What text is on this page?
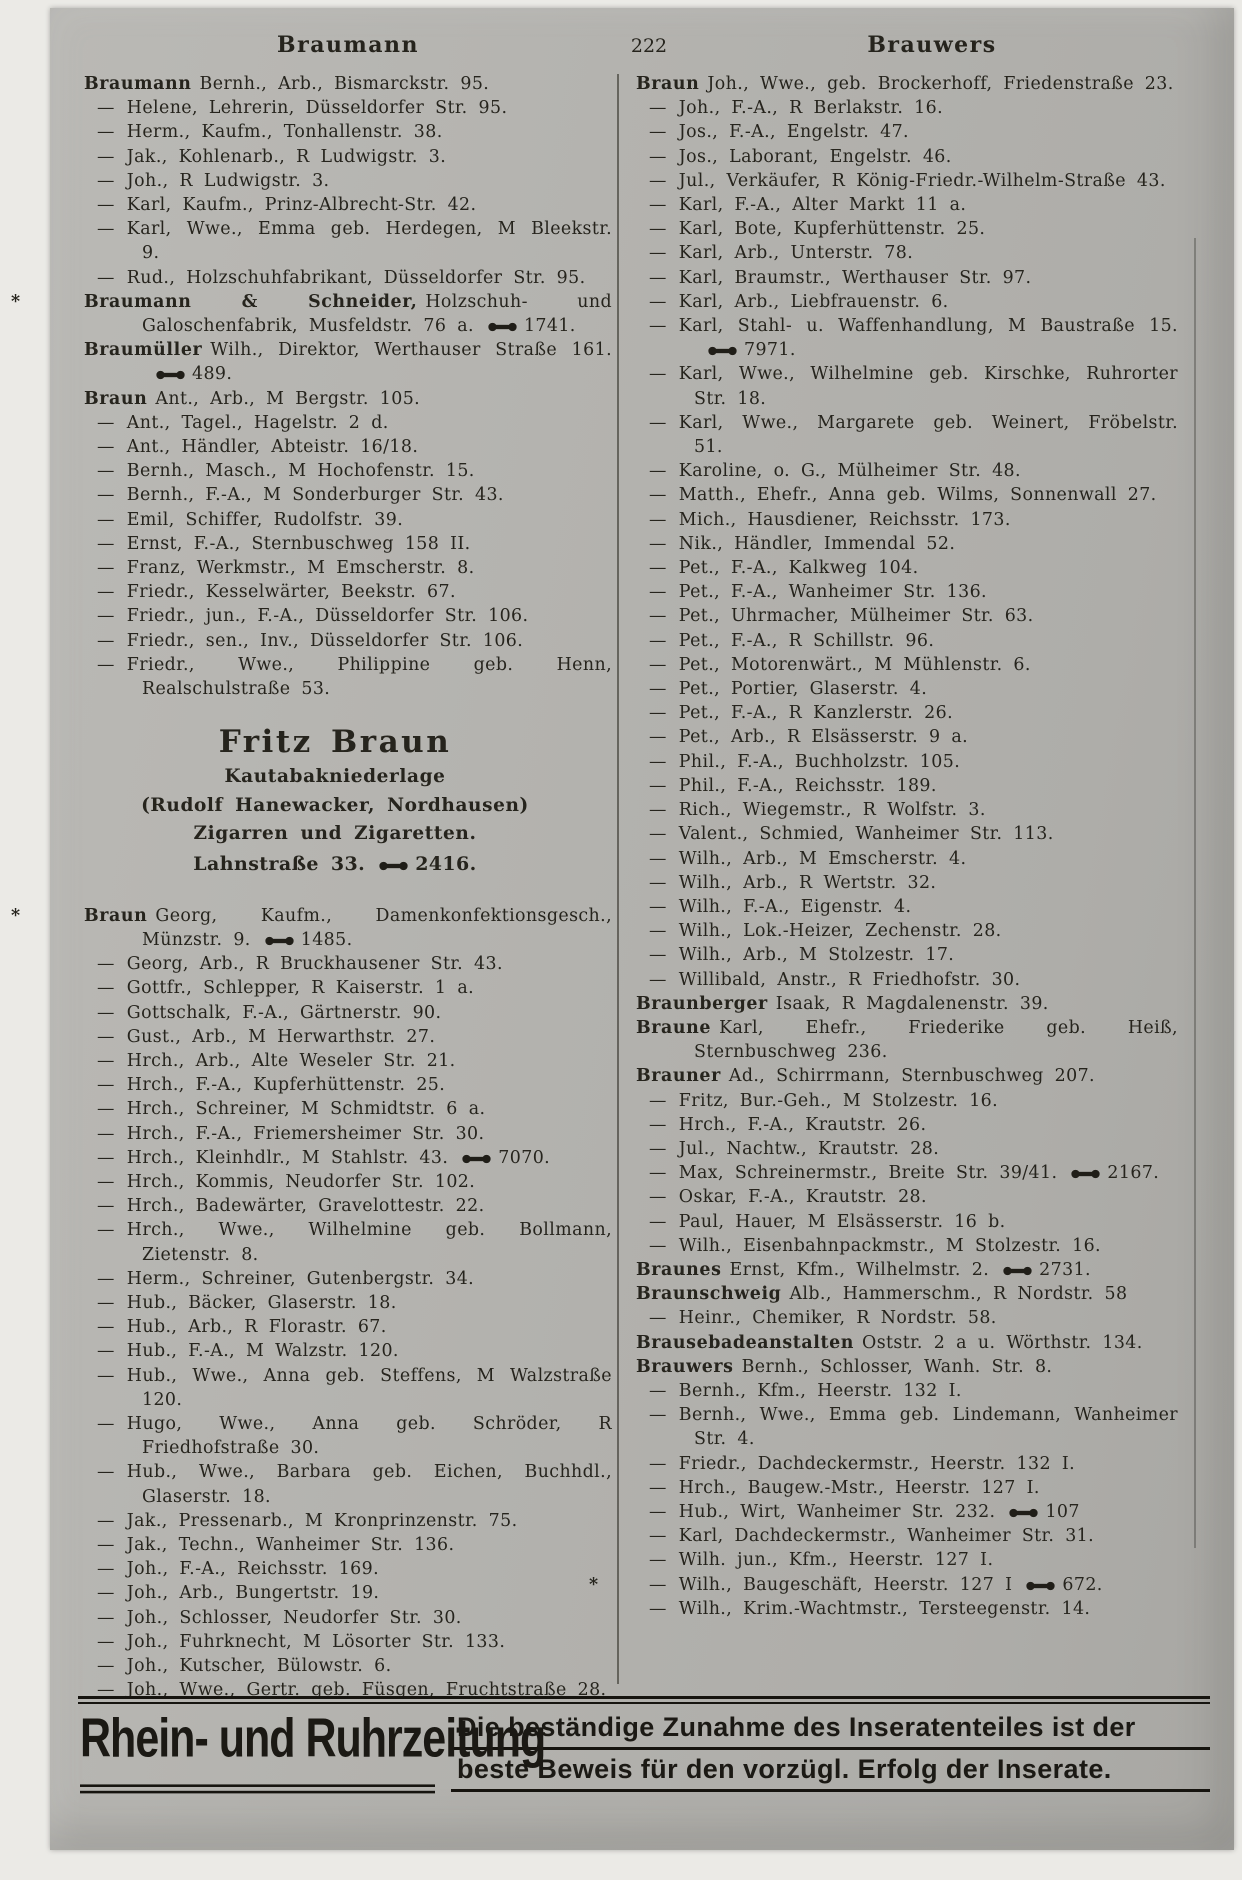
Braumann	222	Brauwers
Braumann Bernh., Arb., Bismarckstr. 95.
— Helene, Lehrerin, Düsseldorfer Str. 95.
— Herm., Kaufm., Tonhallenstr. 38.
— Jak., Kohlenarb., R Ludwigstr. 3.
— Joh., R Ludwigstr. 3.
— Karl, Kaufm., Prinz-Albrecht-Str. 42.
— Karl, Wwe., Emma geb. Herdegen, M Bleekstr. 9.
— Rud., Holzschuhfabrikant, Düsseldorfer Str. 95.
*	Braumann & Schneider, Holzschuh- und Galoschenfabrik, Musfeldstr. 76 a.	1741.
Braumüller Wilh., Direktor, Werthauser Straße 161.489.
Braun Ant., Arb., M Bergstr. 105.
— Ant., Tagel., Hagelstr. 2 d.
— Ant., Händler, Abteistr. 16/18.
— Bernh., Masch., M Hochofenstr. 15.
— Bernh., F.-A., M Sonderburger Str. 43.
— Emil, Schiffer, Rudolfstr. 39.
— Ernst, F.-A., Sternbuschweg 158 II.
— Franz, Werkmstr., M Emscherstr. 8.
— Friedr., Kesselwärter, Beekstr. 67.
— Friedr., jun., F.-A., Düsseldorfer Str. 106.
— Friedr., sen., Inv., Düsseldorfer Str. 106.
— Friedr., Wwe., Philippine geb. Henn, Realschulstraße 53.
Fritz Braun
Kautabakniederlage
(Rudolf Hanewacker, Nordhausen)
Zigarren und Zigaretten.
Lahnstraße 33.	2416.
*	Braun Georg, Kaufm., Damenkonfektionsgesch., Münzstr. 9.	1485.
— Georg, Arb., R Bruckhausener Str. 43.
— Gottfr., Schlepper, R Kaiserstr. 1 a.
— Gottschalk, F.-A., Gärtnerstr. 90.
— Gust., Arb., M Herwarthstr. 27.
— Hrch., Arb., Alte Weseler Str. 21.
— Hrch., F.-A., Kupferhüttenstr. 25.
— Hrch., Schreiner, M Schmidtstr. 6 a.
— Hrch., F.-A., Friemersheimer Str. 30.
— Hrch., Kleinhdlr., M Stahlstr. 43.	7070.
— Hrch., Kommis, Neudorfer Str. 102.
— Hrch., Badewärter, Gravelottestr. 22.
— Hrch., Wwe., Wilhelmine geb. Bollmann, Zietenstr. 8.
— Herm., Schreiner, Gutenbergstr. 34.
— Hub., Bäcker, Glaserstr. 18.
— Hub., Arb., R Florastr. 67.
— Hub., F.-A., M Walzstr. 120.
— Hub., Wwe., Anna geb. Steffens, M Walzstraße 120.
— Hugo, Wwe., Anna geb. Schröder, R Friedhofstraße 30.
— Hub., Wwe., Barbara geb. Eichen, Buchhdl., Glaserstr. 18.
— Jak., Pressenarb., M Kronprinzenstr. 75.
— Jak., Techn., Wanheimer Str. 136.
— Joh., F.-A., Reichsstr. 169.
— Joh., Arb., Bungertstr. 19.
— Joh., Schlosser, Neudorfer Str. 30.
— Joh., Fuhrknecht, M Lösorter Str. 133.
— Joh., Kutscher, Bülowstr. 6.
— Joh., Wwe., Gertr. geb. Füsgen, Fruchtstraße 28.
Braun Joh., Wwe., geb. Brockerhoff, Friedenstraße 23.
— Joh., F.-A., R Berlakstr. 16.
— Jos., F.-A., Engelstr. 47.
— Jos., Laborant, Engelstr. 46.
— Jul., Verkäufer, R König-Friedr.-Wilhelm-Straße 43.
— Karl, F.-A., Alter Markt 11 a.
— Karl, Bote, Kupferhüttenstr. 25.
— Karl, Arb., Unterstr. 78.
— Karl, Braumstr., Werthauser Str. 97.
— Karl, Arb., Liebfrauenstr. 6.
— Karl, Stahl- u. Waffenhandlung, M Baustraße 15.7971.
— Karl, Wwe., Wilhelmine geb. Kirschke, Ruhrorter Str. 18.
— Karl, Wwe., Margarete geb. Weinert, Fröbelstr. 51.
— Karoline, o. G., Mülheimer Str. 48.
— Matth., Ehefr., Anna geb. Wilms, Sonnenwall 27.
— Mich., Hausdiener, Reichsstr. 173.
— Nik., Händler, Immendal 52.
— Pet., F.-A., Kalkweg 104.
— Pet., F.-A., Wanheimer Str. 136.
— Pet., Uhrmacher, Mülheimer Str. 63.
— Pet., F.-A., R Schillstr. 96.
— Pet., Motorenwärt., M Mühlenstr. 6.
— Pet., Portier, Glaserstr. 4.
— Pet., F.-A., R Kanzlerstr. 26.
— Pet., Arb., R Elsässerstr. 9 a.
— Phil., F.-A., Buchholzstr. 105.
— Phil., F.-A., Reichsstr. 189.
— Rich., Wiegemstr., R Wolfstr. 3.
— Valent., Schmied, Wanheimer Str. 113.
— Wilh., Arb., M Emscherstr. 4.
— Wilh., Arb., R Wertstr. 32.
— Wilh., F.-A., Eigenstr. 4.
— Wilh., Lok.-Heizer, Zechenstr. 28.
— Wilh., Arb., M Stolzestr. 17.
— Willibald, Anstr., R Friedhofstr. 30.
Braunberger Isaak, R Magdalenenstr. 39.
Braune Karl, Ehefr., Friederike geb. Heiß, Sternbuschweg 236.
Brauner Ad., Schirrmann, Sternbuschweg 207.
— Fritz, Bur.-Geh., M Stolzestr. 16.
— Hrch., F.-A., Krautstr. 26.
— Jul., Nachtw., Krautstr. 28.
— Max, Schreinermstr., Breite Str. 39/41.	2167.
— Oskar, F.-A., Krautstr. 28.
— Paul, Hauer, M Elsässerstr. 16 b.
— Wilh., Eisenbahnpackmstr., M Stolzestr. 16.
Braunes Ernst, Kfm., Wilhelmstr. 2.	2731.
Braunschweig Alb., Hammerschm., R Nordstr. 58
— Heinr., Chemiker, R Nordstr. 58.
Brausebadeanstalten Oststr. 2 a u. Wörthstr. 134.
Brauwers Bernh., Schlosser, Wanh. Str. 8.
— Bernh., Kfm., Heerstr. 132 I.
— Bernh., Wwe., Emma geb. Lindemann, Wanheimer Str. 4.
— Friedr., Dachdeckermstr., Heerstr. 132 I.
— Hrch., Baugew.-Mstr., Heerstr. 127 I.
— Hub., Wirt, Wanheimer Str. 232.	107
— Karl, Dachdeckermstr., Wanheimer Str. 31.
— Wilh. jun., Kfm., Heerstr. 127 I.
*	— Wilh., Baugeschäft, Heerstr. 127 I	672.
— Wilh., Krim.-Wachtmstr., Tersteegenstr. 14.
Rhein- und Ruhrzeitung
Die beständige Zunahme des Inseratenteiles ist der
beste Beweis für den vorzügl. Erfolg der Inserate.
